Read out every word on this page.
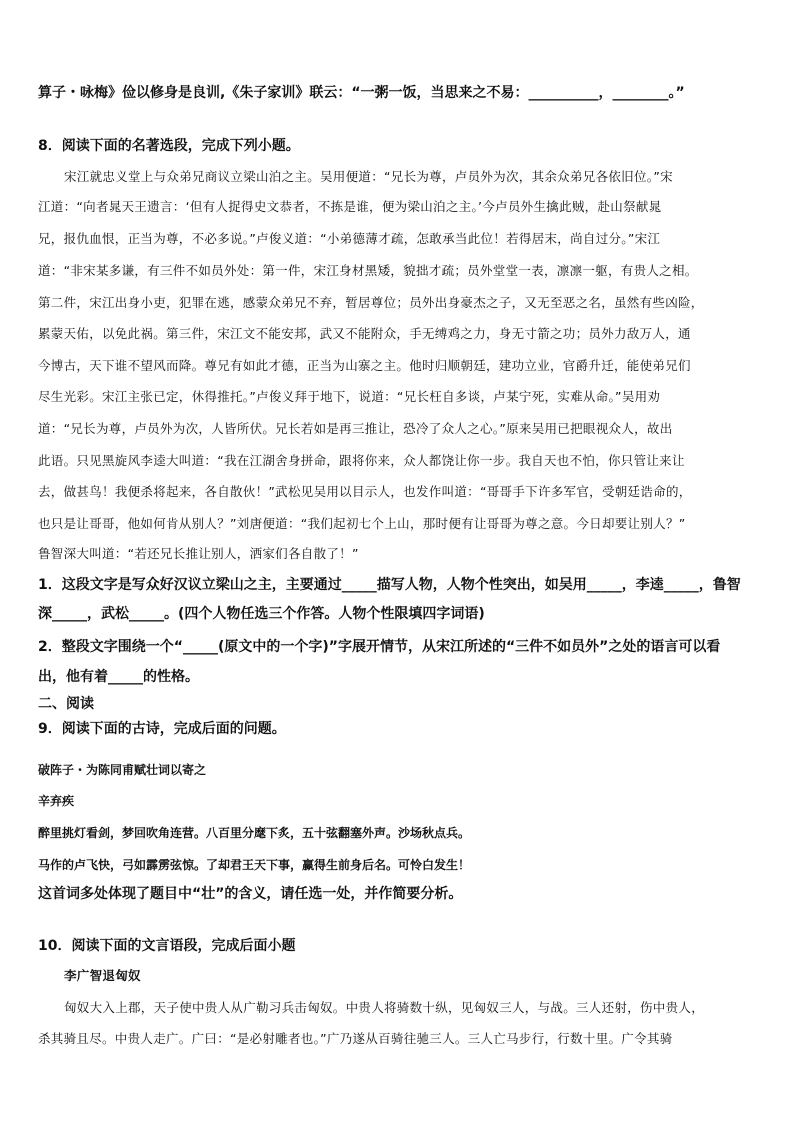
算子・咏梅》俭以修身是良训,《朱子家训》联云：“一粥一饭，当思来之不易：__________，________。”
8．阅读下面的名著选段，完成下列小题。
宋江就忠义堂上与众弟兄商议立梁山泊之主。吴用便道：“兄长为尊，卢员外为次，其余众弟兄各依旧位。”宋
江道：“向者晁天王遗言：‘但有人捉得史文恭者，不拣是谁，便为梁山泊之主。’今卢员外生擒此贼，赴山祭献晁
兄，报仇血恨，正当为尊，不必多说。”卢俊义道：“小弟德薄才疏，怎敢承当此位！若得居末，尚自过分。”宋江
道：“非宋某多谦，有三件不如员外处：第一件，宋江身材黑矮，貌拙才疏；员外堂堂一表，凛凛一躯，有贵人之相。
第二件，宋江出身小吏，犯罪在逃，感蒙众弟兄不弃，暂居尊位；员外出身豪杰之子，又无至恶之名，虽然有些凶险，
累蒙天佑，以免此祸。第三件，宋江文不能安邦，武又不能附众，手无缚鸡之力，身无寸箭之功；员外力敌万人，通
今博古，天下谁不望风而降。尊兄有如此才德，正当为山寨之主。他时归顺朝廷，建功立业，官爵升迁，能使弟兄们
尽生光彩。宋江主张已定，休得推托。”卢俊义拜于地下，说道：“兄长枉自多谈，卢某宁死，实难从命。”吴用劝
道：“兄长为尊，卢员外为次，人皆所伏。兄长若如是再三推让，恐冷了众人之心。”原来吴用已把眼视众人，故出
此语。只见黑旋风李逵大叫道：“我在江湖舍身拼命，跟将你来，众人都饶让你一步。我自天也不怕，你只管让来让
去，做甚鸟！我便杀将起来，各自散伙！”武松见吴用以目示人，也发作叫道：“哥哥手下许多军官，受朝廷诰命的，
也只是让哥哥，他如何肯从别人？”刘唐便道：“我们起初七个上山，那时便有让哥哥为尊之意。今日却要让别人？”
鲁智深大叫道：“若还兄长推让别人，洒家们各自散了！”
1．这段文字是写众好汉议立梁山之主，主要通过_____描写人物，人物个性突出，如吴用_____，李逵_____，鲁智
深_____，武松_____。(四个人物任选三个作答。人物个性限填四字词语)
2．整段文字围绕一个“_____(原文中的一个字)”字展开情节，从宋江所述的“三件不如员外”之处的语言可以看
出，他有着_____的性格。
二、阅读
9．阅读下面的古诗，完成后面的问题。
破阵子・为陈同甫赋壮词以寄之
辛弃疾
醉里挑灯看剑，梦回吹角连营。八百里分麾下炙，五十弦翻塞外声。沙场秋点兵。
马作的卢飞快，弓如霹雳弦惊。了却君王天下事，赢得生前身后名。可怜白发生！
这首词多处体现了题目中“壮”的含义，请任选一处，并作简要分析。
10．阅读下面的文言语段，完成后面小题
李广智退匈奴
匈奴大入上郡，天子使中贵人从广勒习兵击匈奴。中贵人将骑数十纵，见匈奴三人，与战。三人还射，伤中贵人，
杀其骑且尽。中贵人走广。广曰：“是必射雕者也。”广乃遂从百骑往驰三人。三人亡马步行，行数十里。广令其骑
